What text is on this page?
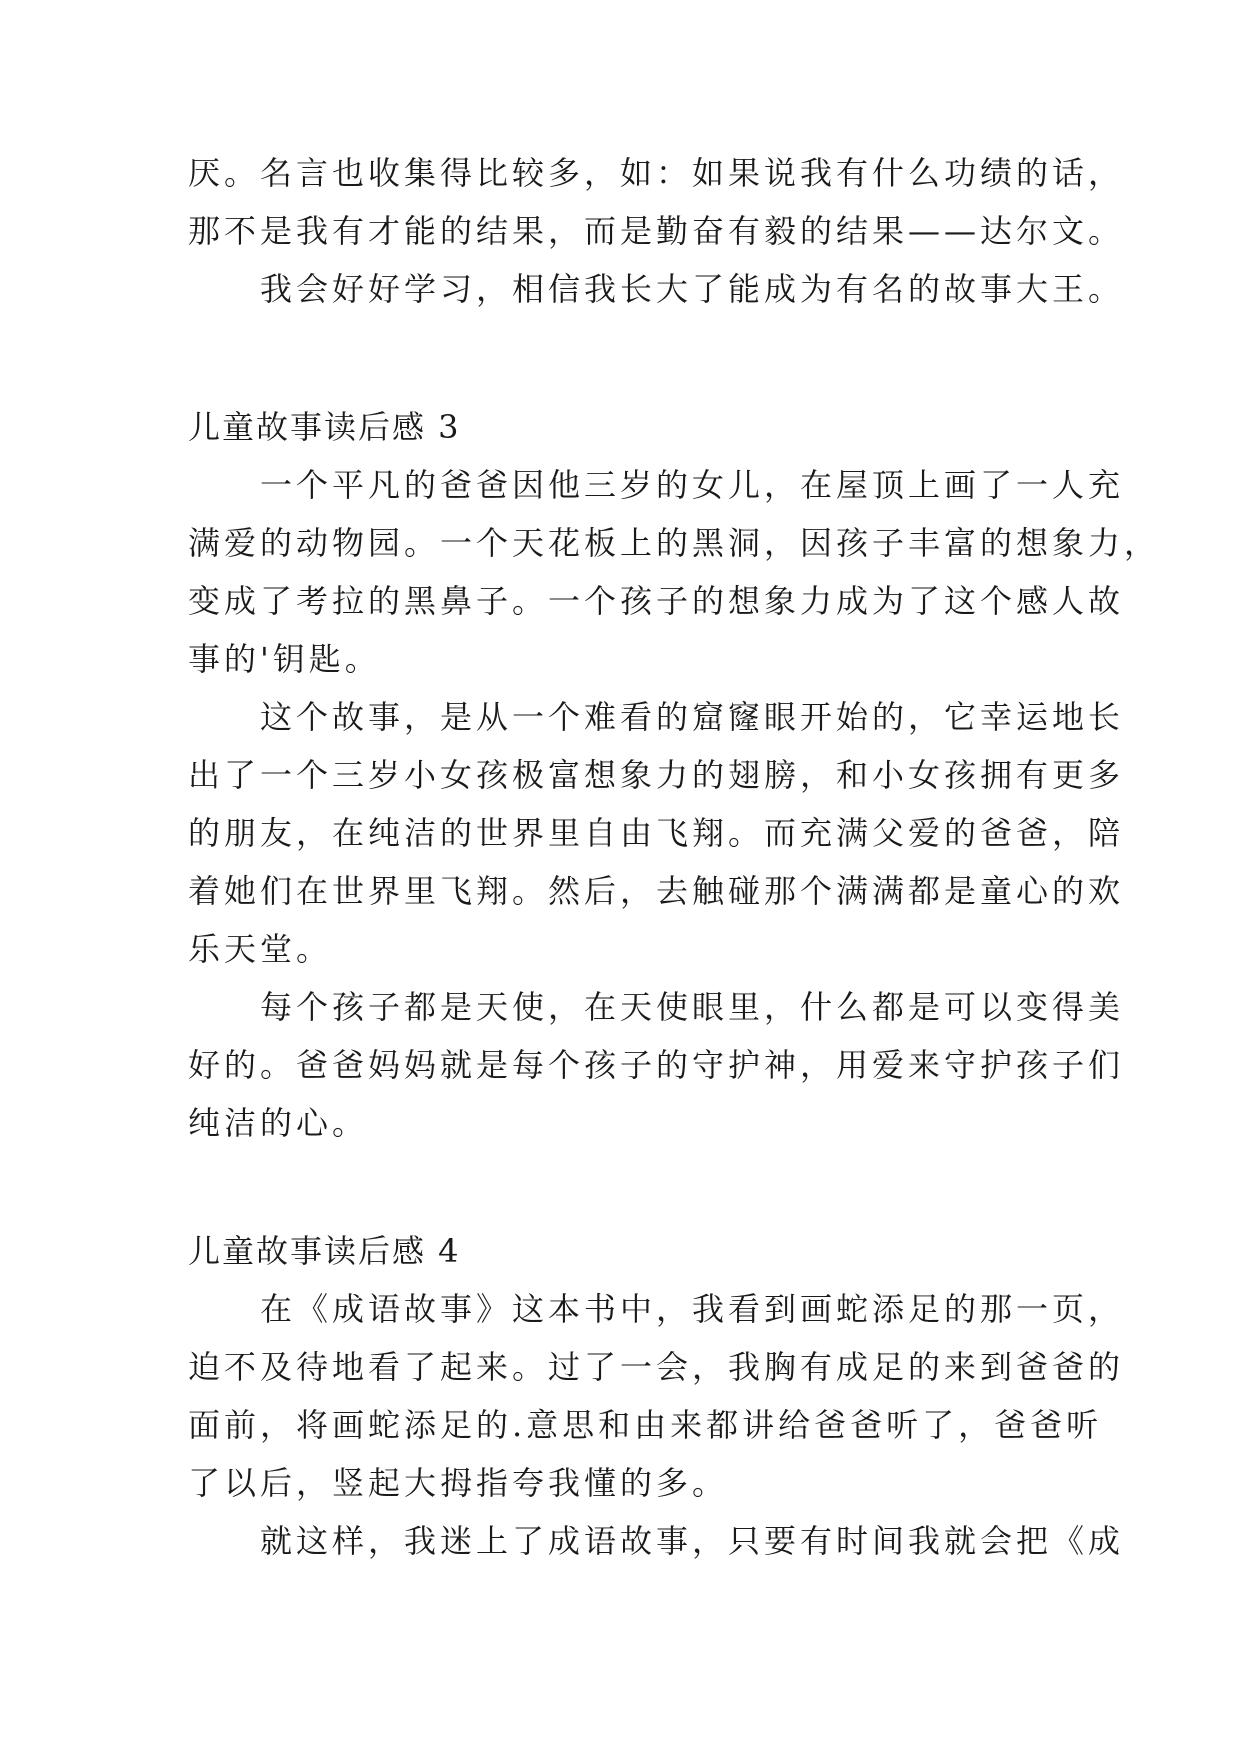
厌。名言也收集得比较多，如：如果说我有什么功绩的话，
那不是我有才能的结果，而是勤奋有毅的结果——达尔文。
我会好好学习，相信我长大了能成为有名的故事大王。
儿童故事读后感 3
一个平凡的爸爸因他三岁的女儿，在屋顶上画了一人充
满爱的动物园。一个天花板上的黑洞，因孩子丰富的想象力，
变成了考拉的黑鼻子。一个孩子的想象力成为了这个感人故
事的'钥匙。
这个故事，是从一个难看的窟窿眼开始的，它幸运地长
出了一个三岁小女孩极富想象力的翅膀，和小女孩拥有更多
的朋友，在纯洁的世界里自由飞翔。而充满父爱的爸爸，陪
着她们在世界里飞翔。然后，去触碰那个满满都是童心的欢
乐天堂。
每个孩子都是天使，在天使眼里，什么都是可以变得美
好的。爸爸妈妈就是每个孩子的守护神，用爱来守护孩子们
纯洁的心。
儿童故事读后感 4
在《成语故事》这本书中，我看到画蛇添足的那一页，
迫不及待地看了起来。过了一会，我胸有成足的来到爸爸的
面前，将画蛇添足的.意思和由来都讲给爸爸听了，爸爸听
了以后，竖起大拇指夸我懂的多。
就这样，我迷上了成语故事，只要有时间我就会把《成
